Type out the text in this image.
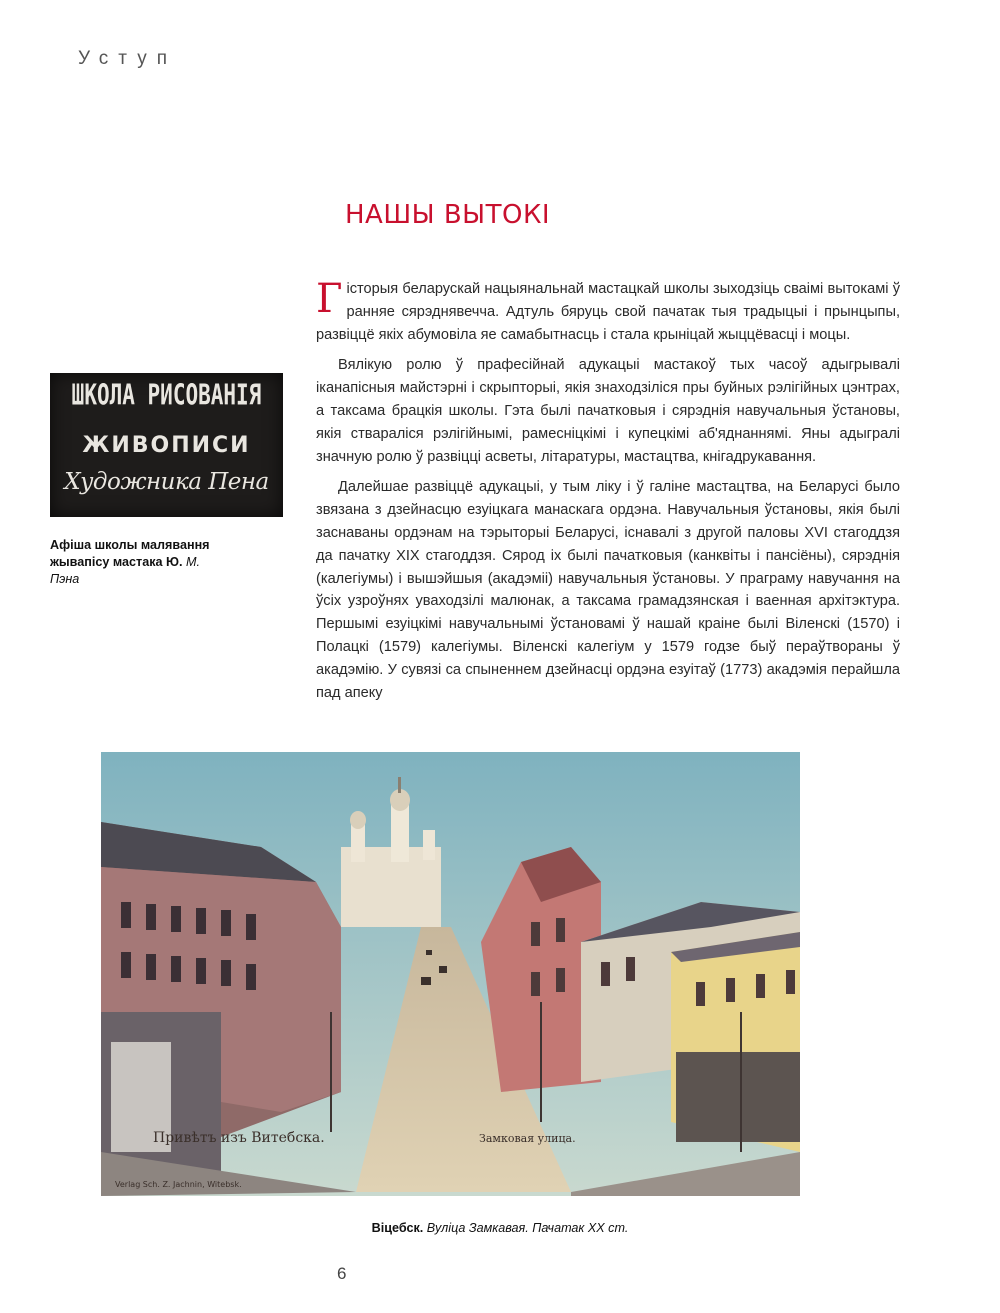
Уступ
НАШЫ ВЫТОКІ
ШКОЛА РИСОВАНІЯ
ЖИВОПИСИ
Художника Пена
Афіша школы малявання жывапісу мастака Ю. М. Пэна

Гісторыя беларускай нацыянальнай мастацкай школы зыходзіць сваімі вытокамі ў ранняе сярэднявечча. Адтуль бяруць свой пачатак тыя традыцыі і прынцыпы, развіццё якіх абумовіла яе самабытнасць і стала крыніцай жыццёвасці і моцы.

Вялікую ролю ў прафесійнай адукацыі мастакоў тых часоў адыгрывалі іканапісныя майстэрні і скрыпторыі, якія знаходзіліся пры буйных рэлігійных цэнтрах, а таксама брацкія школы. Гэта былі пачатковыя і сярэднія навучальныя ўстановы, якія ствараліся рэлігійнымі, рамесніцкімі і купецкімі аб'яднаннямі. Яны адыгралі значную ролю ў развіцці асветы, літаратуры, мастацтва, кнігадрукавання.

Далейшае развіццё адукацыі, у тым ліку і ў галіне мастацтва, на Беларусі было звязана з дзейнасцю езуіцкага манаскага ордэна. Навучальныя ўстановы, якія былі заснаваны ордэнам на тэрыторыі Беларусі, існавалі з другой паловы XVI стагоддзя да пачатку XIX стагоддзя. Сярод іх былі пачатковыя (канквіты і пансіёны), сярэднія (калегіумы) і вышэйшыя (акадэміі) навучальныя ўстановы. У праграму навучання на ўсіх узроўнях уваходзілі малюнак, а таксама грамадзянская і ваенная архітэктура. Першымі езуіцкімі навучальнымі ўстановамі ў нашай краіне былі Віленскі (1570) і Полацкі (1579) калегіумы. Віленскі калегіум у 1579 годзе быў пераўтвораны ў акадэмію. У сувязі са спыненнем дзейнасці ордэна езуітаў (1773) акадэмія перайшла пад апеку

Привѣтъ изъ Витебска.	Замковая улица.
Verlag Sch. Z. Jachnin, Witebsk.
Віцебск. Вуліца Замкавая. Пачатак XX ст.
6
